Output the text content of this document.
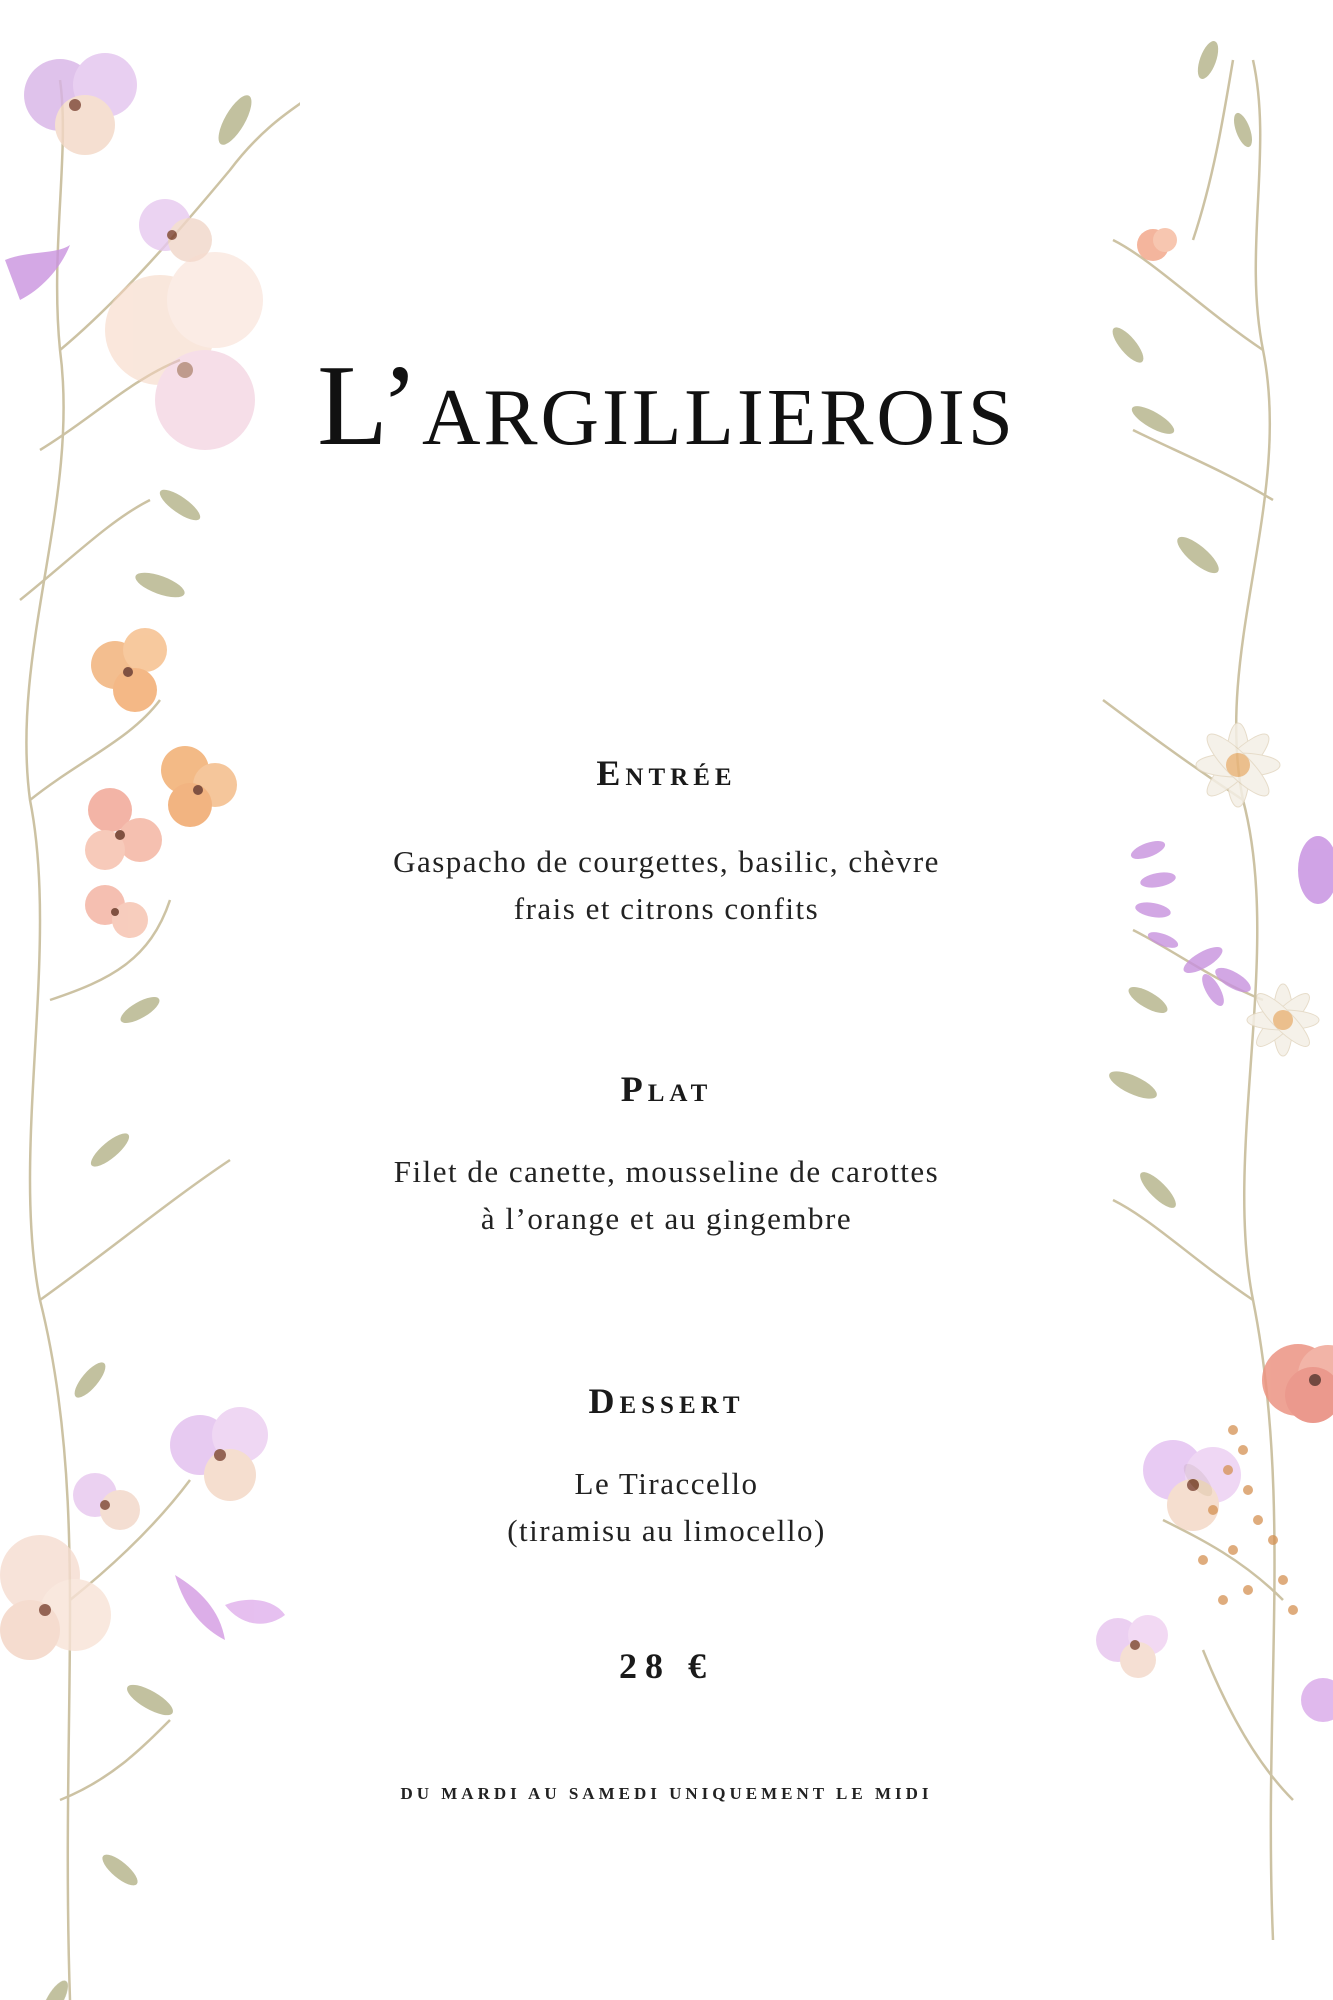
L’argillierois
Entrée
Gaspacho de courgettes, basilic, chèvre
frais et citrons confits
Plat
Filet de canette, mousseline de carottes
à l’orange et au gingembre
Dessert
Le Tiraccello
(tiramisu au limocello)
28 €
DU MARDI AU SAMEDI UNIQUEMENT LE MIDI
